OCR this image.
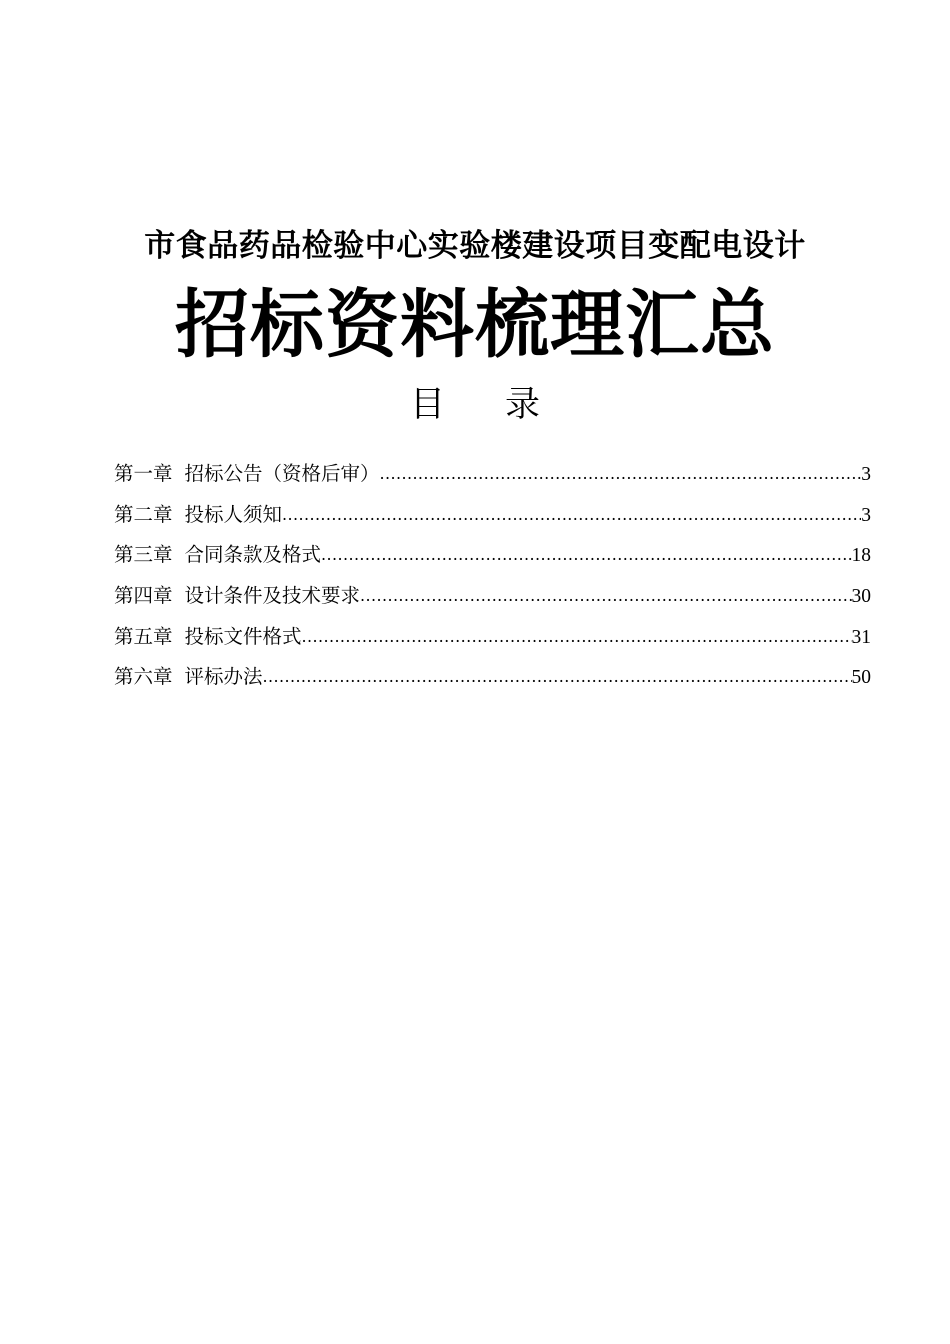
市食品药品检验中心实验楼建设项目变配电设计
招标资料梳理汇总
目录
第一章 招标公告（资格后审） .....	3
第二章 投标人须知 .....	3
第三章 合同条款及格式 .....	18
第四章 设计条件及技术要求 .....	30
第五章 投标文件格式 .....	31
第六章 评标办法 .....	50
